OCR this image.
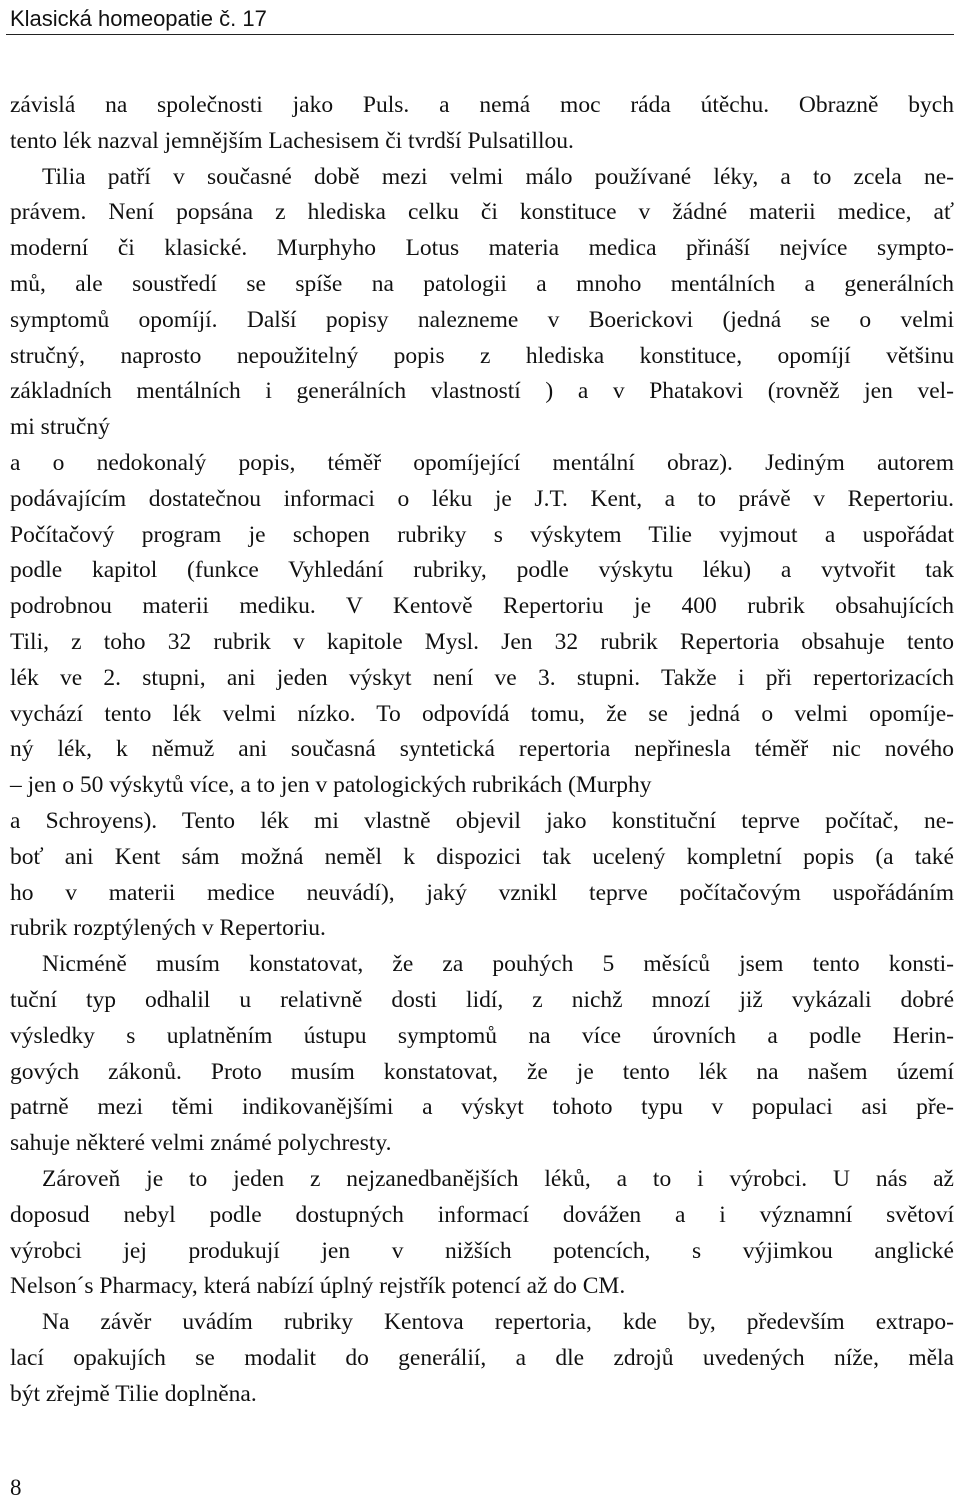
Klasická homeopatie č. 17
závislá na společnosti jako Puls. a nemá moc ráda útěchu. Obrazně bych
tento lék nazval jemnějším Lachesisem či tvrdší Pulsatillou.
Tilia patří v současné době mezi velmi málo používané léky, a to zcela ne-
právem. Není popsána z hlediska celku či konstituce v žádné materii medice, ať
moderní či klasické. Murphyho Lotus materia medica přináší nejvíce sympto-
mů, ale soustředí se spíše na patologii a mnoho mentálních a generálních
symptomů opomíjí. Další popisy nalezneme v Boerickovi (jedná se o velmi
stručný, naprosto nepoužitelný popis z hlediska konstituce, opomíjí většinu
základních mentálních i generálních vlastností ) a v Phatakovi (rovněž jen vel-
mi stručný
a o nedokonalý popis, téměř opomíjející mentální obraz). Jediným autorem
podávajícím dostatečnou informaci o léku je J.T. Kent, a to právě v Repertoriu.
Počítačový program je schopen rubriky s výskytem Tilie vyjmout a uspořádat
podle kapitol (funkce Vyhledání rubriky, podle výskytu léku) a vytvořit tak
podrobnou materii mediku. V Kentově Repertoriu je 400 rubrik obsahujících
Tili, z toho 32 rubrik v kapitole Mysl. Jen 32 rubrik Repertoria obsahuje tento
lék ve 2. stupni, ani jeden výskyt není ve 3. stupni. Takže i při repertorizacích
vychází tento lék velmi nízko. To odpovídá tomu, že se jedná o velmi opomíje-
ný lék, k němuž ani současná syntetická repertoria nepřinesla téměř nic nového
– jen o 50 výskytů více, a to jen v patologických rubrikách (Murphy
a Schroyens). Tento lék mi vlastně objevil jako konstituční teprve počítač, ne-
boť ani Kent sám možná neměl k dispozici tak ucelený kompletní popis (a také
ho v materii medice neuvádí), jaký vznikl teprve počítačovým uspořádáním
rubrik rozptýlených v Repertoriu.
Nicméně musím konstatovat, že za pouhých 5 měsíců jsem tento konsti-
tuční typ odhalil u relativně dosti lidí, z nichž mnozí již vykázali dobré
výsledky s uplatněním ústupu symptomů na více úrovních a podle Herin-
gových zákonů. Proto musím konstatovat, že je tento lék na našem území
patrně mezi těmi indikovanějšími a výskyt tohoto typu v populaci asi pře-
sahuje některé velmi známé polychresty.
Zároveň je to jeden z nejzanedbanějších léků, a to i výrobci. U nás až
doposud nebyl podle dostupných informací dovážen a i významní světoví
výrobci jej produkují jen v nižších potencích, s výjimkou anglické
Nelson´s Pharmacy, která nabízí úplný rejstřík potencí až do CM.
Na závěr uvádím rubriky Kentova repertoria, kde by, především extrapo-
lací opakujích se modalit do generálií, a dle zdrojů uvedených níže, měla
být zřejmě Tilie doplněna.
8
